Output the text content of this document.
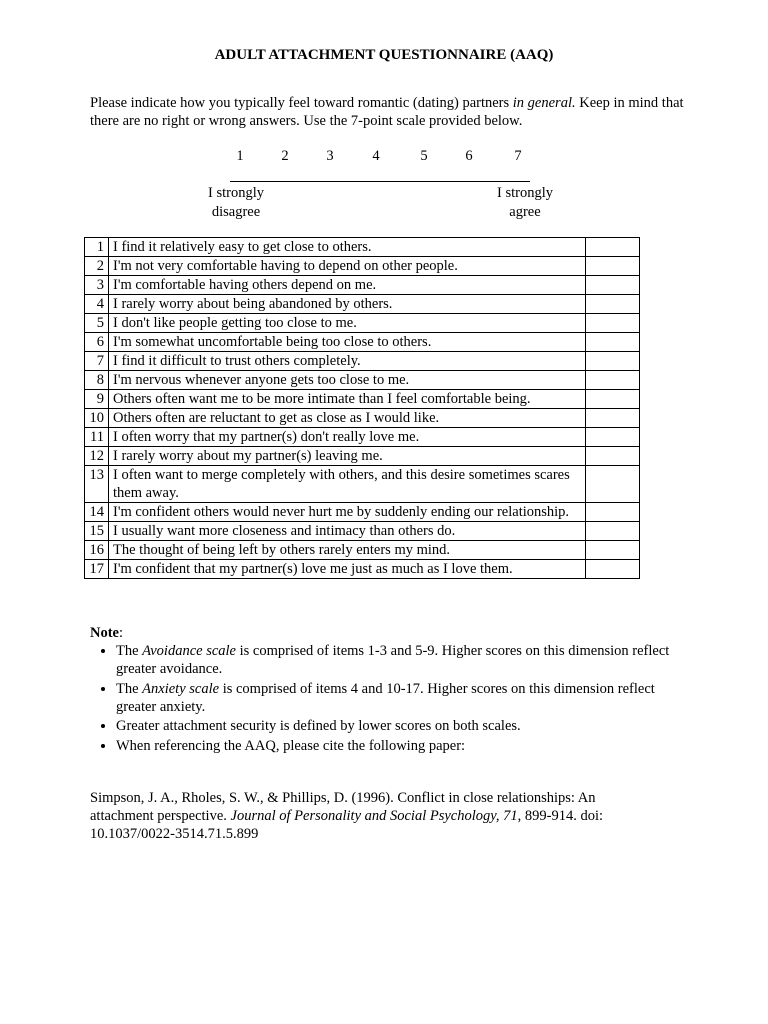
ADULT ATTACHMENT QUESTIONNAIRE (AAQ)
Please indicate how you typically feel toward romantic (dating) partners in general. Keep in mind that there are no right or wrong answers. Use the 7-point scale provided below.
1	2	3	4	5	6	7
I strongly
disagree
I strongly
agree
1	I find it relatively easy to get close to others.	
2	I'm not very comfortable having to depend on other people.	
3	I'm comfortable having others depend on me.	
4	I rarely worry about being abandoned by others.	
5	I don't like people getting too close to me.	
6	I'm somewhat uncomfortable being too close to others.	
7	I find it difficult to trust others completely.	
8	I'm nervous whenever anyone gets too close to me.	
9	Others often want me to be more intimate than I feel comfortable being.	
10	Others often are reluctant to get as close as I would like.	
11	I often worry that my partner(s) don't really love me.	
12	I rarely worry about my partner(s) leaving me.	
13	I often want to merge completely with others, and this desire sometimes scares them away.	
14	I'm confident others would never hurt me by suddenly ending our relationship.	
15	I usually want more closeness and intimacy than others do.	
16	The thought of being left by others rarely enters my mind.	
17	I'm confident that my partner(s) love me just as much as I love them.	
Note:
• The Avoidance scale is comprised of items 1-3 and 5-9. Higher scores on this dimension reflect greater avoidance.
• The Anxiety scale is comprised of items 4 and 10-17. Higher scores on this dimension reflect greater anxiety.
• Greater attachment security is defined by lower scores on both scales.
• When referencing the AAQ, please cite the following paper:
Simpson, J. A., Rholes, S. W., & Phillips, D. (1996). Conflict in close relationships: An attachment perspective. Journal of Personality and Social Psychology, 71, 899-914. doi: 10.1037/0022-3514.71.5.899
